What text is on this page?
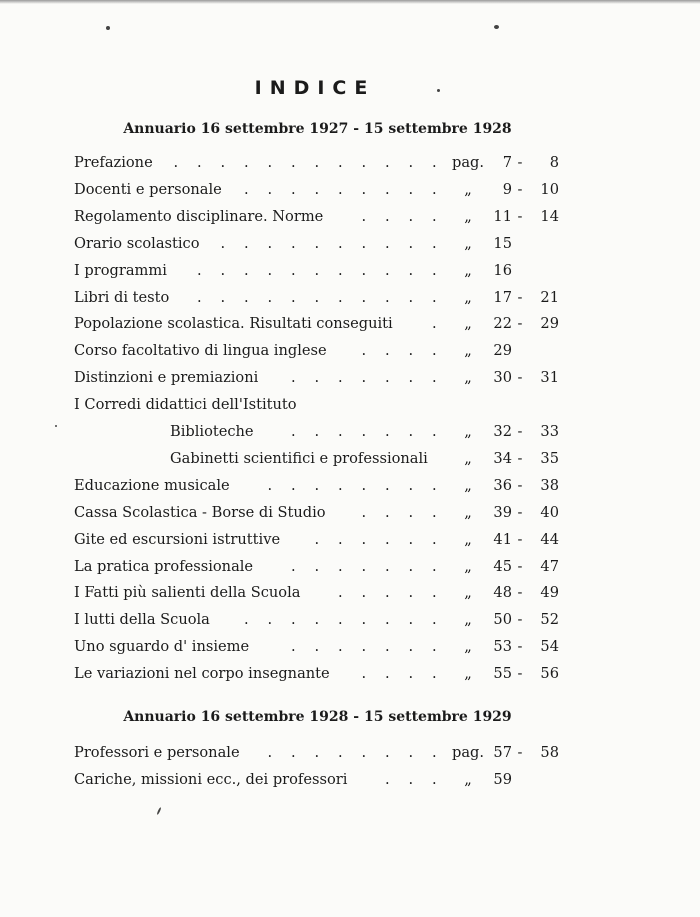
INDICE
Annuario 16 settembre 1927 - 15 settembre 1928
Prefazione	pag.	7 -	8
. . . . . . . . . . . .
Docenti e personale	„	9 -	10
. . . . . . . . .
Regolamento disciplinare. Norme	„	11 -	14
. . . .
Orario scolastico	„	15
. . . . . . . . . .
I programmi	„	16
. . . . . . . . . . .
Libri di testo	„	17 -	21
. . . . . . . . . . .
Popolazione scolastica. Risultati conseguiti	„	22 -	29
.
Corso facoltativo di lingua inglese	„	29
. . . .
Distinzioni e premiazioni	„	30 -	31
. . . . . . .
I Corredi didattici dell'Istituto
Biblioteche	„	32 -	33
. . . . . . .
Gabinetti scientifici e professionali	„	34 -	35
Educazione musicale	„	36 -	38
. . . . . . . .
Cassa Scolastica - Borse di Studio	„	39 -	40
. . . .
Gite ed escursioni istruttive	„	41 -	44
. . . . . .
La pratica professionale	„	45 -	47
. . . . . . .
I Fatti più salienti della Scuola	„	48 -	49
. . . . .
I lutti della Scuola	„	50 -	52
. . . . . . . . .
Uno sguardo d' insieme	„	53 -	54
. . . . . . .
Le variazioni nel corpo insegnante	„	55 -	56
. . . .
Annuario 16 settembre 1928 - 15 settembre 1929
Professori e personale	pag. 57 -	58
. . . . . . . .
Cariche, missioni ecc., dei professori	„	59
. . .
